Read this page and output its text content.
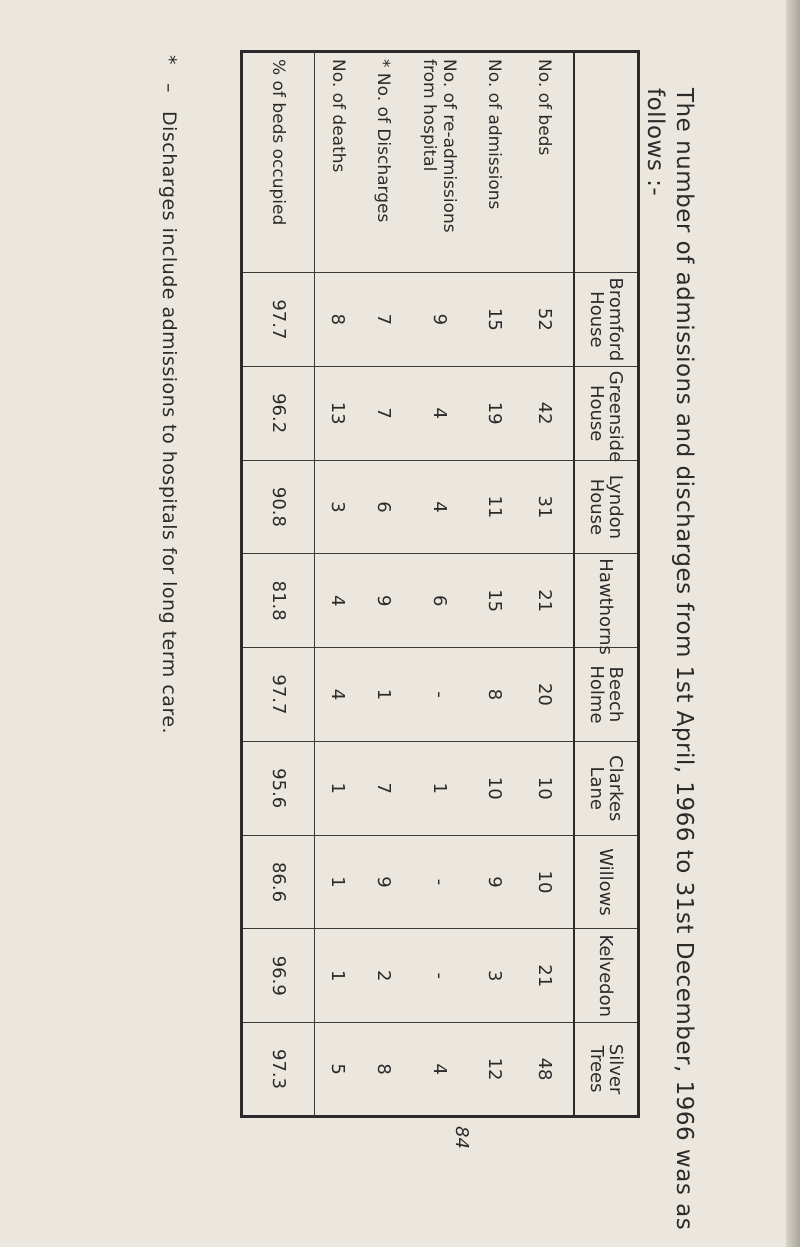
The number of admissions and discharges from 1st April, 1966 to 31st December, 1966 was as
follows :-
	Bromford House	Greenside House	Lyndon House	Hawthorns	Beech Holme	Clarkes Lane	Willows	Kelvedon	Silver Trees
No. of beds	52	42	31	21	20	10	10	21	48
No. of admissions	15	19	11	15	8	10	9	3	12
No. of re-admissions from hospital	9	4	4	6	-	1	-	-	4
* No. of Discharges	7	7	6	9	1	7	9	2	8
No. of deaths	8	13	3	4	4	1	1	1	5
% of beds occupied	97.7	96.2	90.8	81.8	97.7	95.6	86.6	96.9	97.3
*–Discharges include admissions to hospitals for long term care.
84
